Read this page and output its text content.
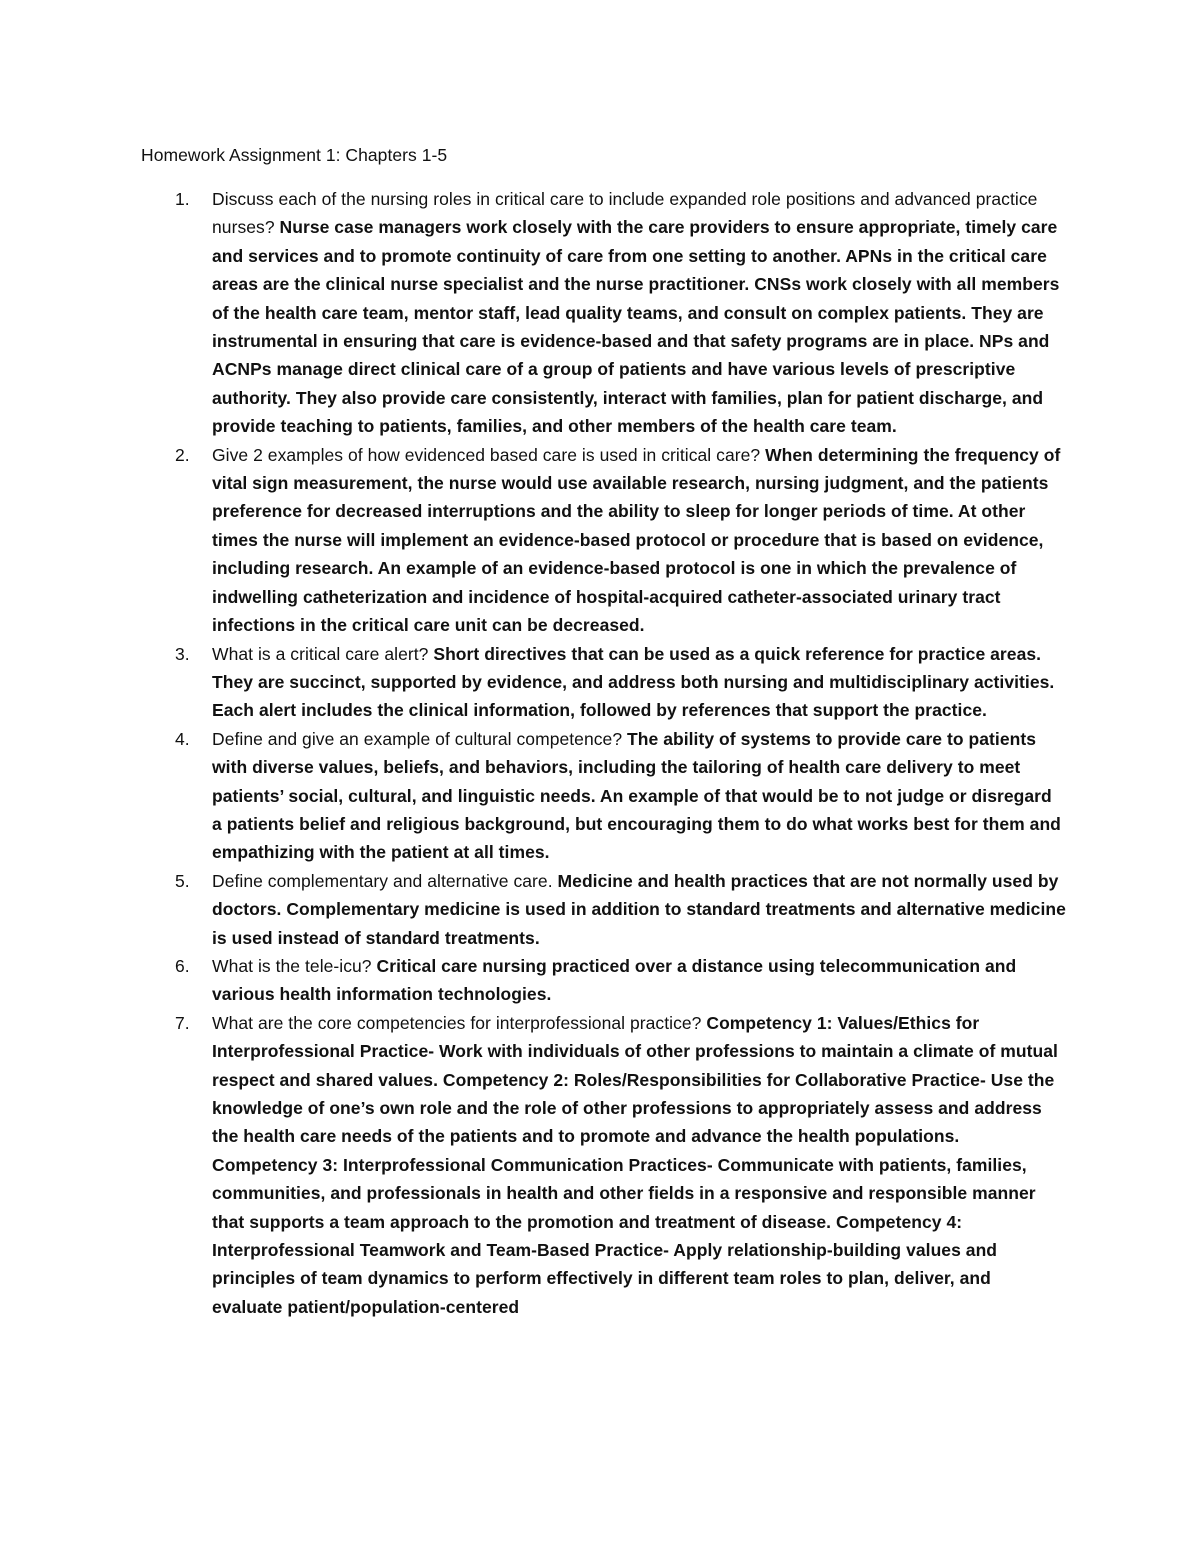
Homework Assignment 1: Chapters 1-5

1. Discuss each of the nursing roles in critical care to include expanded role positions and advanced practice nurses? Nurse case managers work closely with the care providers to ensure appropriate, timely care and services and to promote continuity of care from one setting to another. APNs in the critical care areas are the clinical nurse specialist and the nurse practitioner. CNSs work closely with all members of the health care team, mentor staff, lead quality teams, and consult on complex patients. They are instrumental in ensuring that care is evidence-based and that safety programs are in place. NPs and ACNPs manage direct clinical care of a group of patients and have various levels of prescriptive authority. They also provide care consistently, interact with families, plan for patient discharge, and provide teaching to patients, families, and other members of the health care team.
2. Give 2 examples of how evidenced based care is used in critical care? When determining the frequency of vital sign measurement, the nurse would use available research, nursing judgment, and the patients preference for decreased interruptions and the ability to sleep for longer periods of time. At other times the nurse will implement an evidence-based protocol or procedure that is based on evidence, including research. An example of an evidence-based protocol is one in which the prevalence of indwelling catheterization and incidence of hospital-acquired catheter-associated urinary tract infections in the critical care unit can be decreased.
3. What is a critical care alert? Short directives that can be used as a quick reference for practice areas. They are succinct, supported by evidence, and address both nursing and multidisciplinary activities. Each alert includes the clinical information, followed by references that support the practice.
4. Define and give an example of cultural competence? The ability of systems to provide care to patients with diverse values, beliefs, and behaviors, including the tailoring of health care delivery to meet patients’ social, cultural, and linguistic needs. An example of that would be to not judge or disregard a patients belief and religious background, but encouraging them to do what works best for them and empathizing with the patient at all times.
5. Define complementary and alternative care. Medicine and health practices that are not normally used by doctors. Complementary medicine is used in addition to standard treatments and alternative medicine is used instead of standard treatments.
6. What is the tele-icu? Critical care nursing practiced over a distance using telecommunication and various health information technologies.
7. What are the core competencies for interprofessional practice? Competency 1: Values/Ethics for Interprofessional Practice- Work with individuals of other professions to maintain a climate of mutual respect and shared values. Competency 2: Roles/Responsibilities for Collaborative Practice- Use the knowledge of one’s own role and the role of other professions to appropriately assess and address the health care needs of the patients and to promote and advance the health populations. Competency 3: Interprofessional Communication Practices- Communicate with patients, families, communities, and professionals in health and other fields in a responsive and responsible manner that supports a team approach to the promotion and treatment of disease. Competency 4: Interprofessional Teamwork and Team-Based Practice- Apply relationship-building values and principles of team dynamics to perform effectively in different team roles to plan, deliver, and evaluate patient/population-centered
